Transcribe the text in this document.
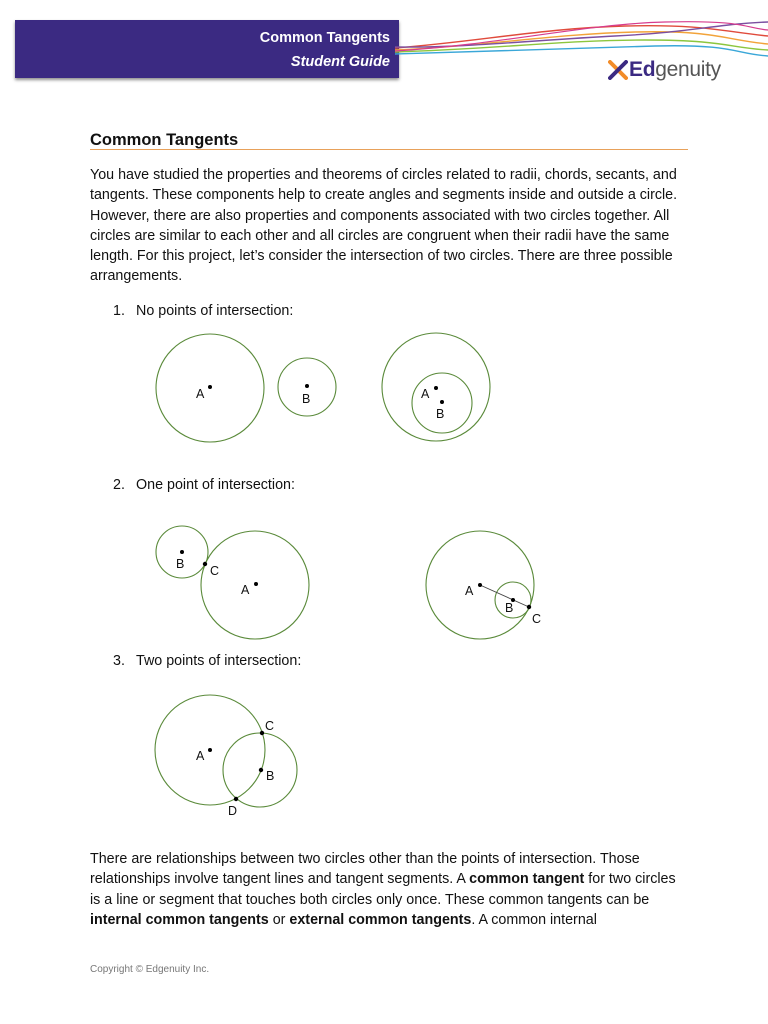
Common Tangents
Student Guide	Edgenuity
Common Tangents

You have studied the properties and theorems of circles related to radii, chords, secants, and tangents. These components help to create angles and segments inside and outside a circle. However, there are also properties and components associated with two circles together. All circles are similar to each other and all circles are congruent when their radii have the same length. For this project, let’s consider the intersection of two circles. There are three possible arrangements.

1. No points of intersection:
2. One point of intersection:
3. Two points of intersection:
A	B	A
B
B C
A	A
B
C
C
A
B
D

There are relationships between two circles other than the points of intersection. Those relationships involve tangent lines and tangent segments. A common tangent for two circles is a line or segment that touches both circles only once. These common tangents can be internal common tangents or external common tangents. A common internal

Copyright © Edgenuity Inc.
